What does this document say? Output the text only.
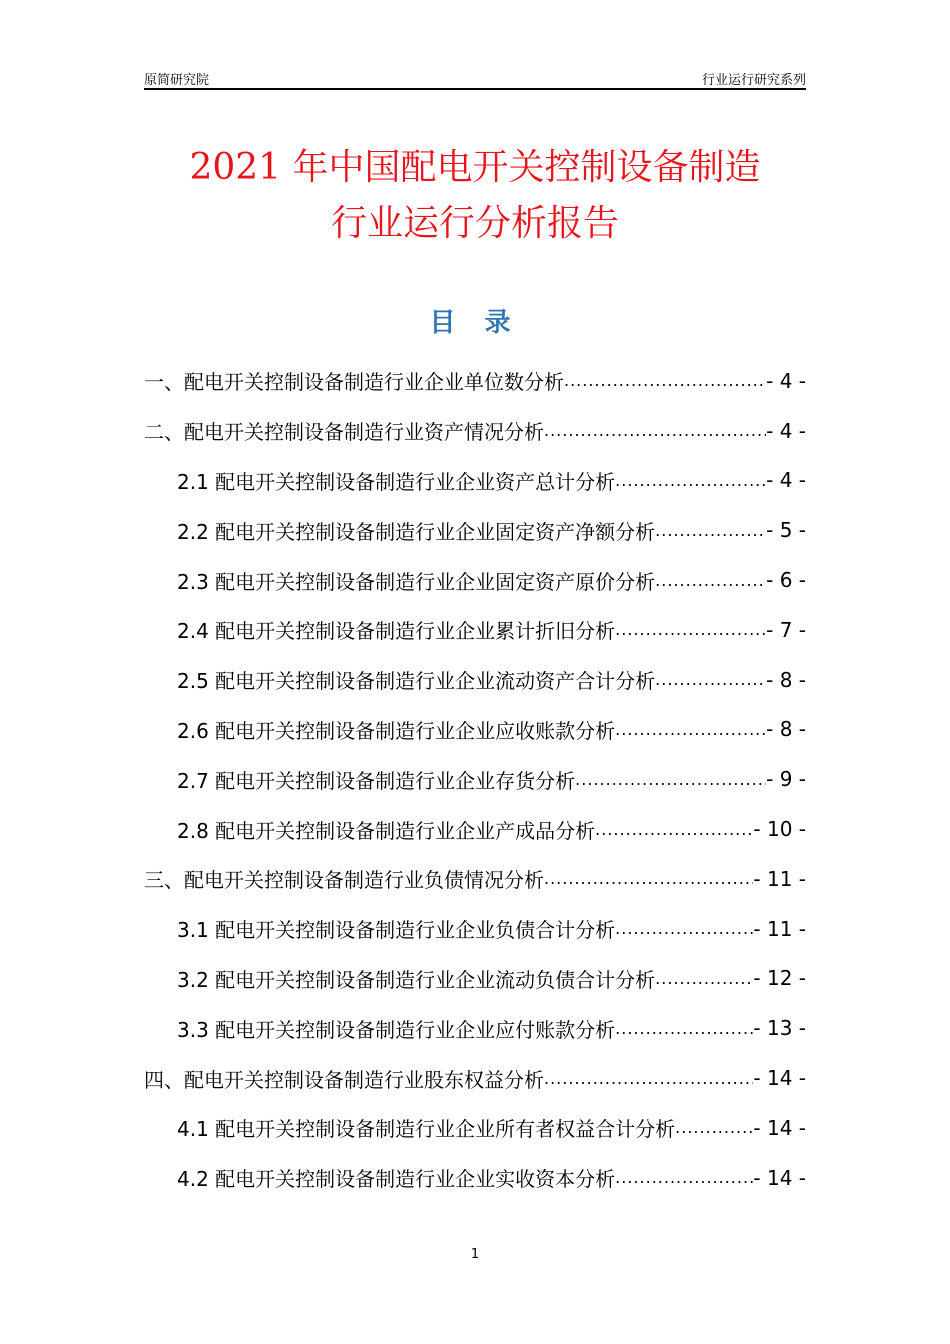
原简研究院	行业运行研究系列
2021 年中国配电开关控制设备制造
行业运行分析报告
目 录
一、配电开关控制设备制造行业企业单位数分析 .....	- 4 -
二、配电开关控制设备制造行业资产情况分析 .....	- 4 -
2.1 配电开关控制设备制造行业企业资产总计分析 .....	- 4 -
2.2 配电开关控制设备制造行业企业固定资产净额分析 .....	- 5 -
2.3 配电开关控制设备制造行业企业固定资产原价分析 .....	- 6 -
2.4 配电开关控制设备制造行业企业累计折旧分析 .....	- 7 -
2.5 配电开关控制设备制造行业企业流动资产合计分析 .....	- 8 -
2.6 配电开关控制设备制造行业企业应收账款分析 .....	- 8 -
2.7 配电开关控制设备制造行业企业存货分析 .....	- 9 -
2.8 配电开关控制设备制造行业企业产成品分析 .....	- 10 -
三、配电开关控制设备制造行业负债情况分析 .....	- 11 -
3.1 配电开关控制设备制造行业企业负债合计分析 .....	- 11 -
3.2 配电开关控制设备制造行业企业流动负债合计分析 .....	- 12 -
3.3 配电开关控制设备制造行业企业应付账款分析 .....	- 13 -
四、配电开关控制设备制造行业股东权益分析 .....	- 14 -
4.1 配电开关控制设备制造行业企业所有者权益合计分析 .....	- 14 -
4.2 配电开关控制设备制造行业企业实收资本分析 .....	- 14 -
1
